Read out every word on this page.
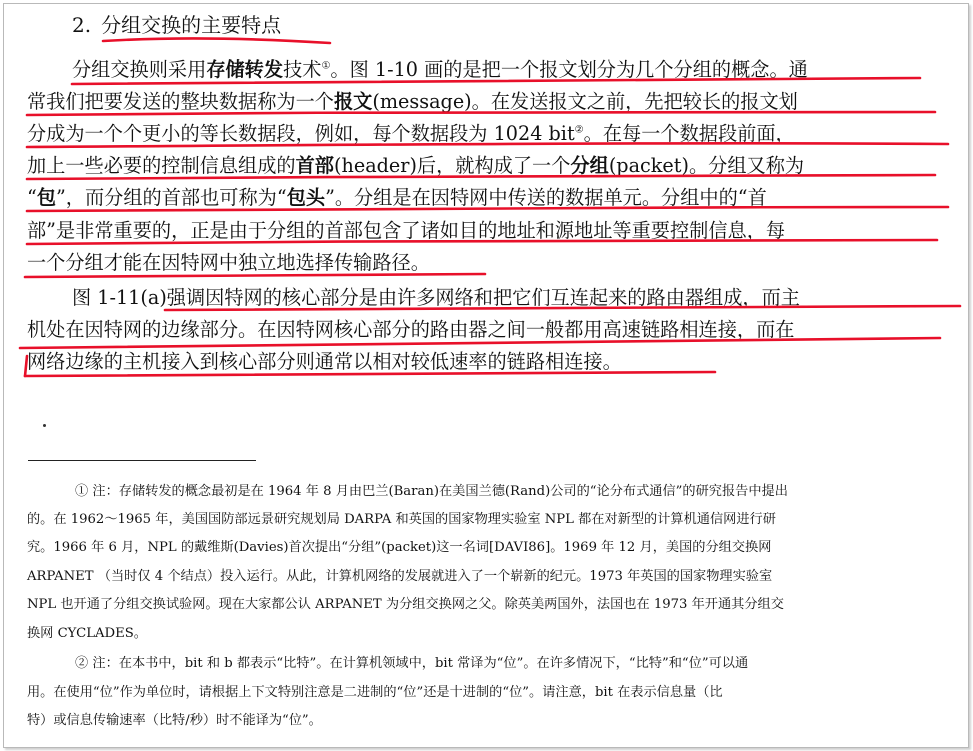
2. 分组交换的主要特点
分组交换则采用存储转发技术①。图 1-10 画的是把一个报文划分为几个分组的概念。通
常我们把要发送的整块数据称为一个报文(message)。在发送报文之前，先把较长的报文划
分成为一个个更小的等长数据段，例如，每个数据段为 1024 bit②。在每一个数据段前面，
加上一些必要的控制信息组成的首部(header)后，就构成了一个分组(packet)。分组又称为
“包”，而分组的首部也可称为“包头”。分组是在因特网中传送的数据单元。分组中的“首
部”是非常重要的，正是由于分组的首部包含了诸如目的地址和源地址等重要控制信息，每
一个分组才能在因特网中独立地选择传输路径。
图 1-11(a)强调因特网的核心部分是由许多网络和把它们互连起来的路由器组成，而主
机处在因特网的边缘部分。在因特网核心部分的路由器之间一般都用高速链路相连接，而在
网络边缘的主机接入到核心部分则通常以相对较低速率的链路相连接。
① 注：存储转发的概念最初是在 1964 年 8 月由巴兰(Baran)在美国兰德(Rand)公司的“论分布式通信”的研究报告中提出
的。在 1962～1965 年，美国国防部远景研究规划局 DARPA 和英国的国家物理实验室 NPL 都在对新型的计算机通信网进行研
究。1966 年 6 月，NPL 的戴维斯(Davies)首次提出“分组”(packet)这一名词[DAVI86]。1969 年 12 月，美国的分组交换网
ARPANET （当时仅 4 个结点）投入运行。从此，计算机网络的发展就进入了一个崭新的纪元。1973 年英国的国家物理实验室
NPL 也开通了分组交换试验网。现在大家都公认 ARPANET 为分组交换网之父。除英美两国外，法国也在 1973 年开通其分组交
换网 CYCLADES。
② 注：在本书中，bit 和 b 都表示“比特”。在计算机领域中，bit 常译为“位”。在许多情况下，“比特”和“位”可以通
用。在使用“位”作为单位时，请根据上下文特别注意是二进制的“位”还是十进制的“位”。请注意，bit 在表示信息量（比
特）或信息传输速率（比特/秒）时不能译为“位”。
